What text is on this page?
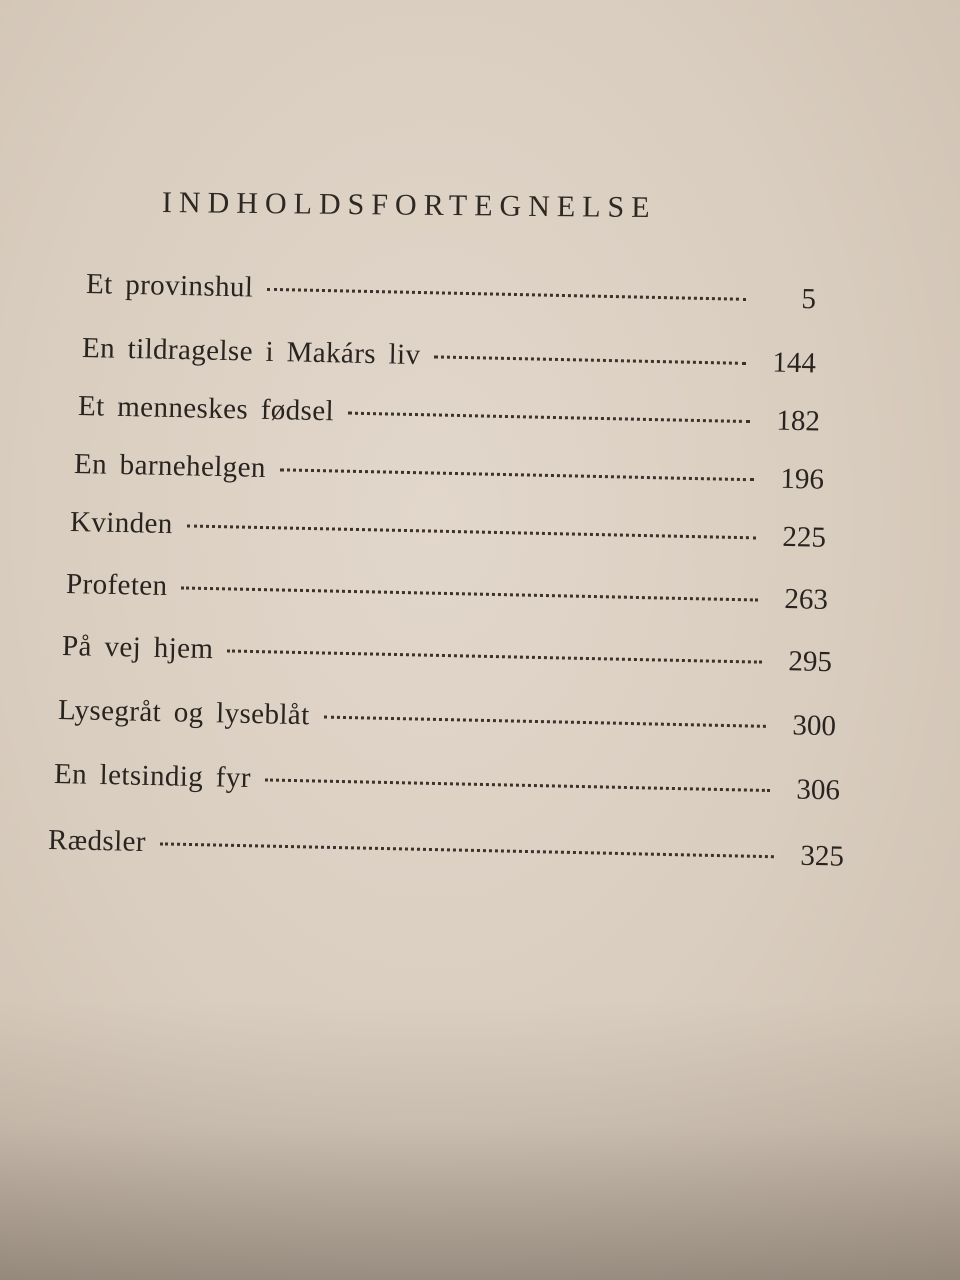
INDHOLDSFORTEGNELSE
Et provinshul	5
En tildragelse i Makárs liv	144
Et menneskes fødsel	182
En barnehelgen	196
Kvinden	225
Profeten	263
På vej hjem	295
Lysegråt og lyseblåt	300
En letsindig fyr	306
Rædsler	325
